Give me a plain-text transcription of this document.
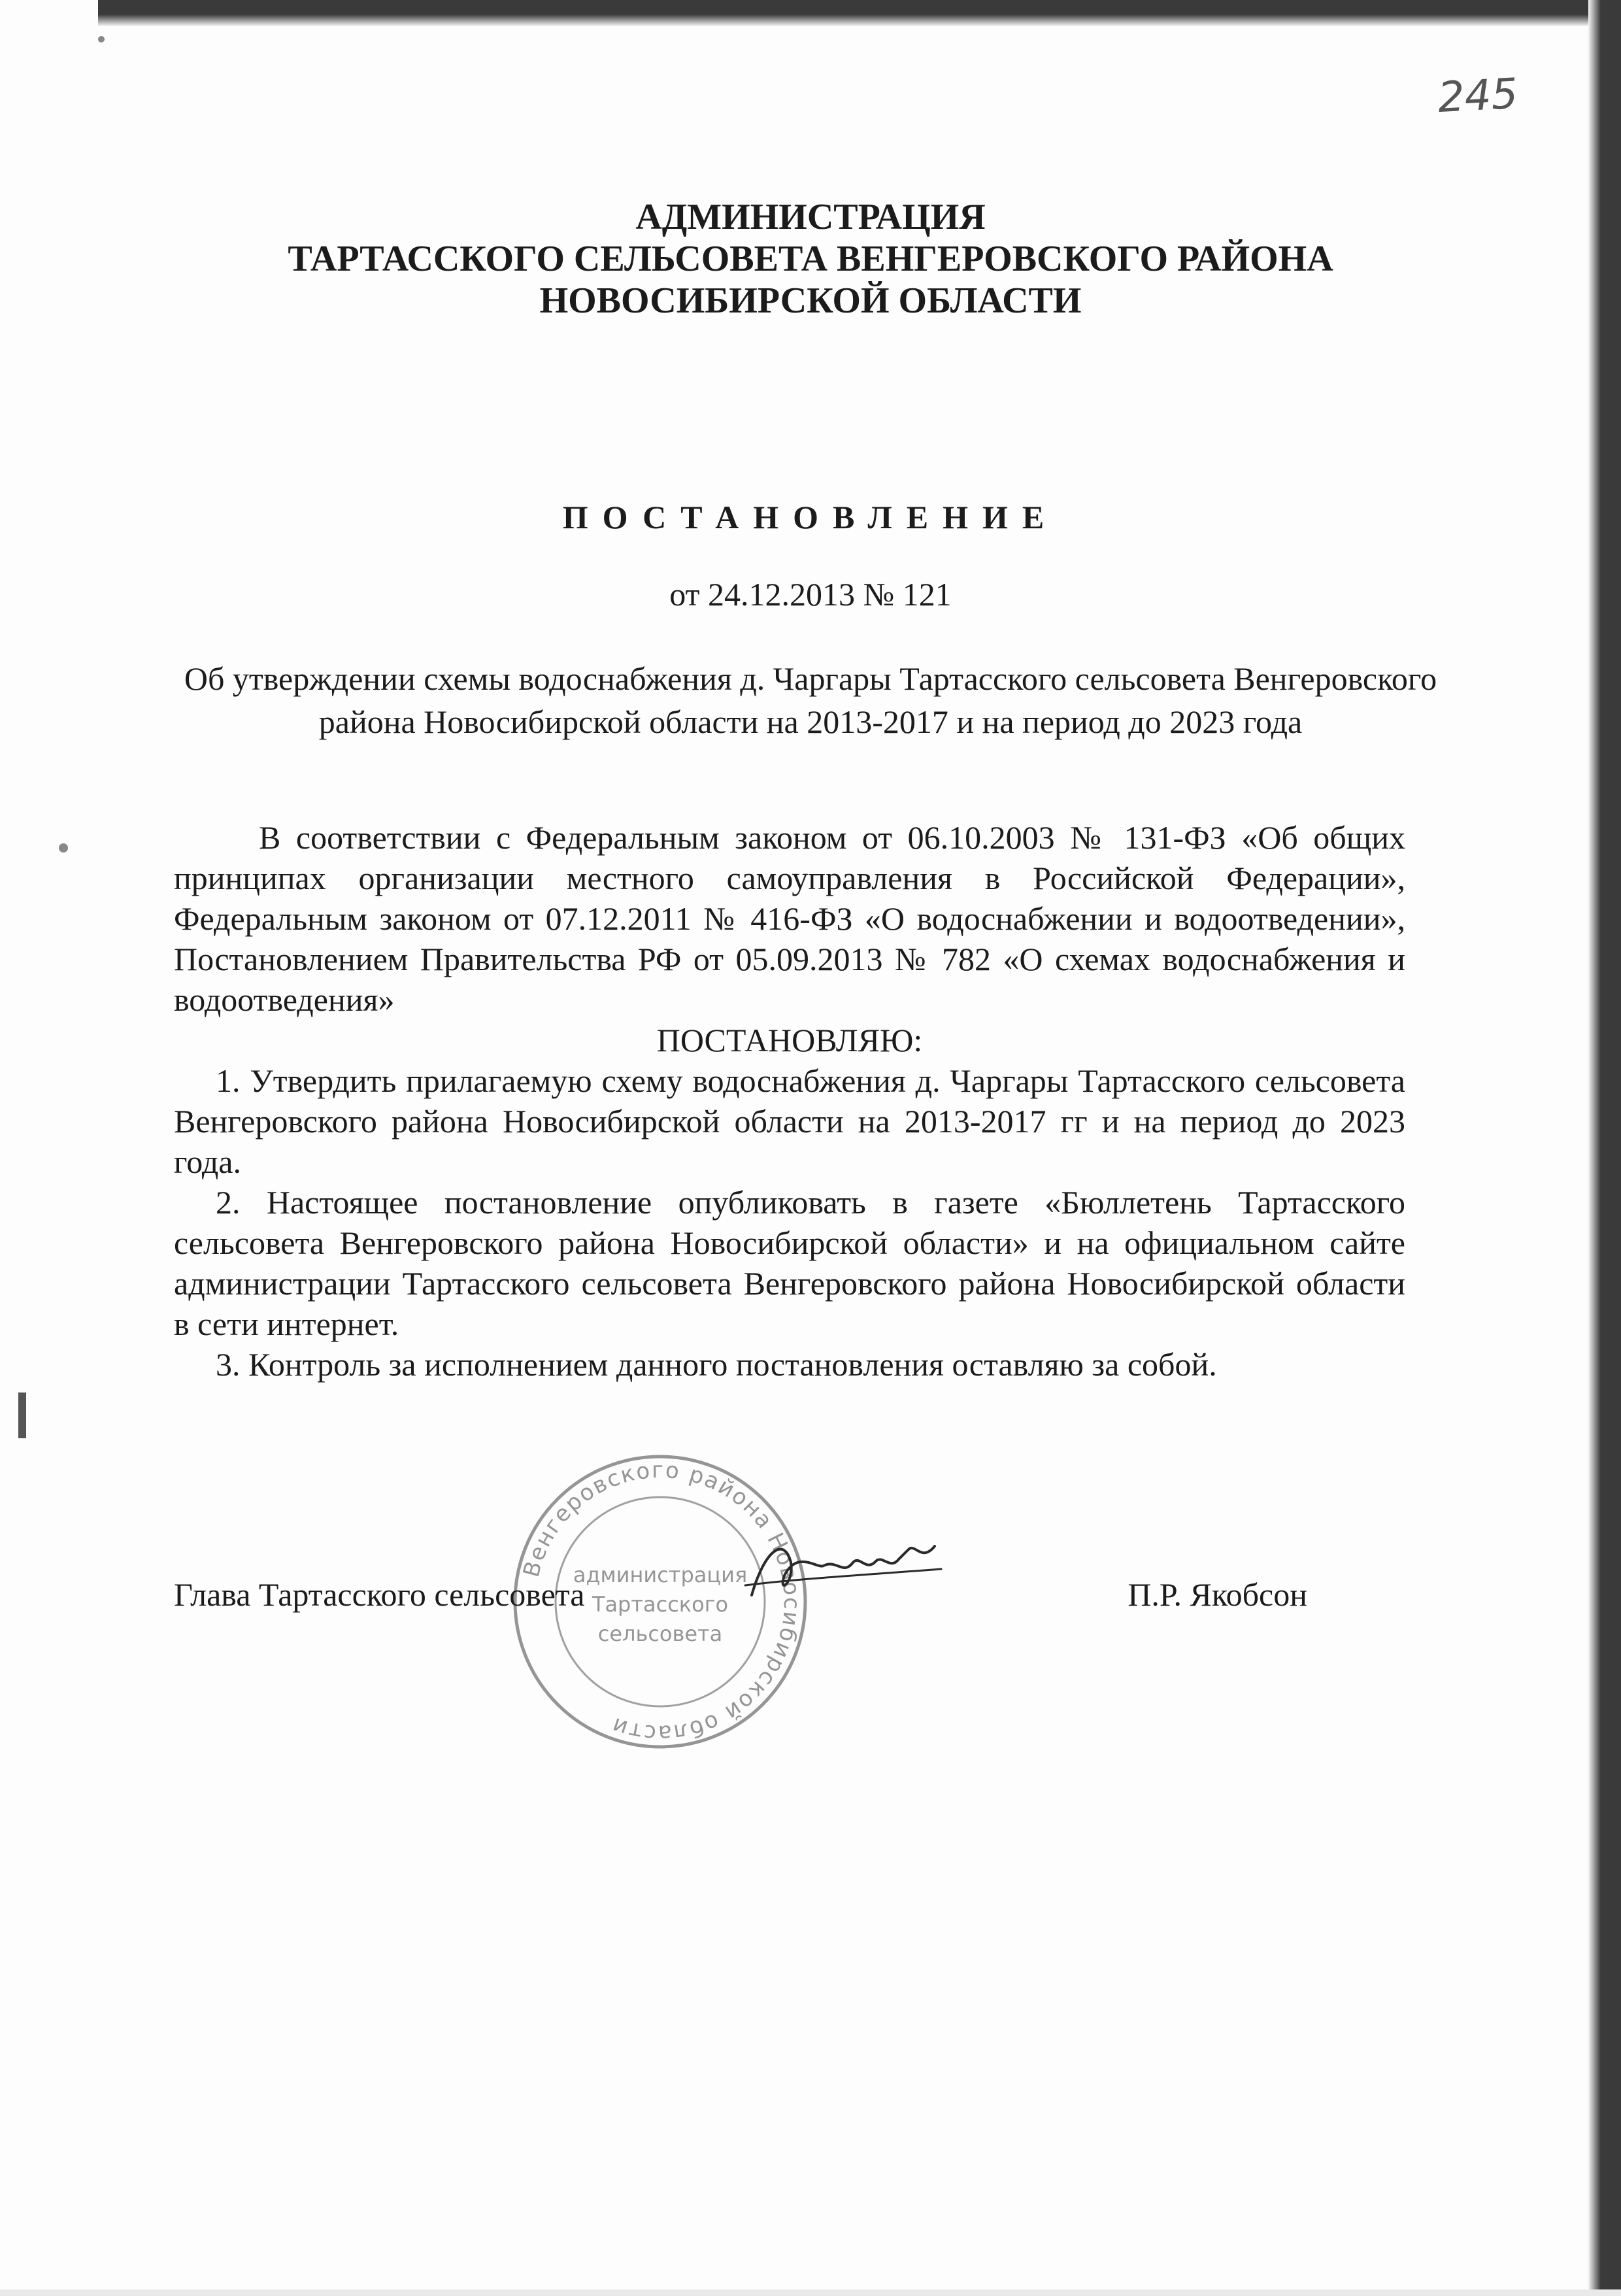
245
АДМИНИСТРАЦИЯ
ТАРТАССКОГО СЕЛЬСОВЕТА ВЕНГЕРОВСКОГО РАЙОНА
НОВОСИБИРСКОЙ ОБЛАСТИ
ПОСТАНОВЛЕНИЕ
от 24.12.2013 № 121
Об утверждении схемы водоснабжения д. Чаргары Тартасского сельсовета Венгеровского района Новосибирской области на 2013-2017 и на период до 2023 года

В соответствии с Федеральным законом от 06.10.2003 № 131-ФЗ «Об общих принципах организации местного самоуправления в Российской Федерации», Федеральным законом от 07.12.2011 № 416-ФЗ «О водоснабжении и водоотведении», Постановлением Правительства РФ от 05.09.2013 № 782 «О схемах водоснабжения и водоотведения»

ПОСТАНОВЛЯЮ:

1. Утвердить прилагаемую схему водоснабжения д. Чаргары Тартасского сельсовета Венгеровского района Новосибирской области на 2013-2017 гг и на период до 2023 года.

2. Настоящее постановление опубликовать в газете «Бюллетень Тартасского сельсовета Венгеровского района Новосибирской области» и на официальном сайте администрации Тартасского сельсовета Венгеровского района Новосибирской области в сети интернет.

3. Контроль за исполнением данного постановления оставляю за собой.

Венгеровского района Новосибирской области
администрация
Тартасского
сельсовета
Глава Тартасского сельсовета	П.Р. Якобсон
